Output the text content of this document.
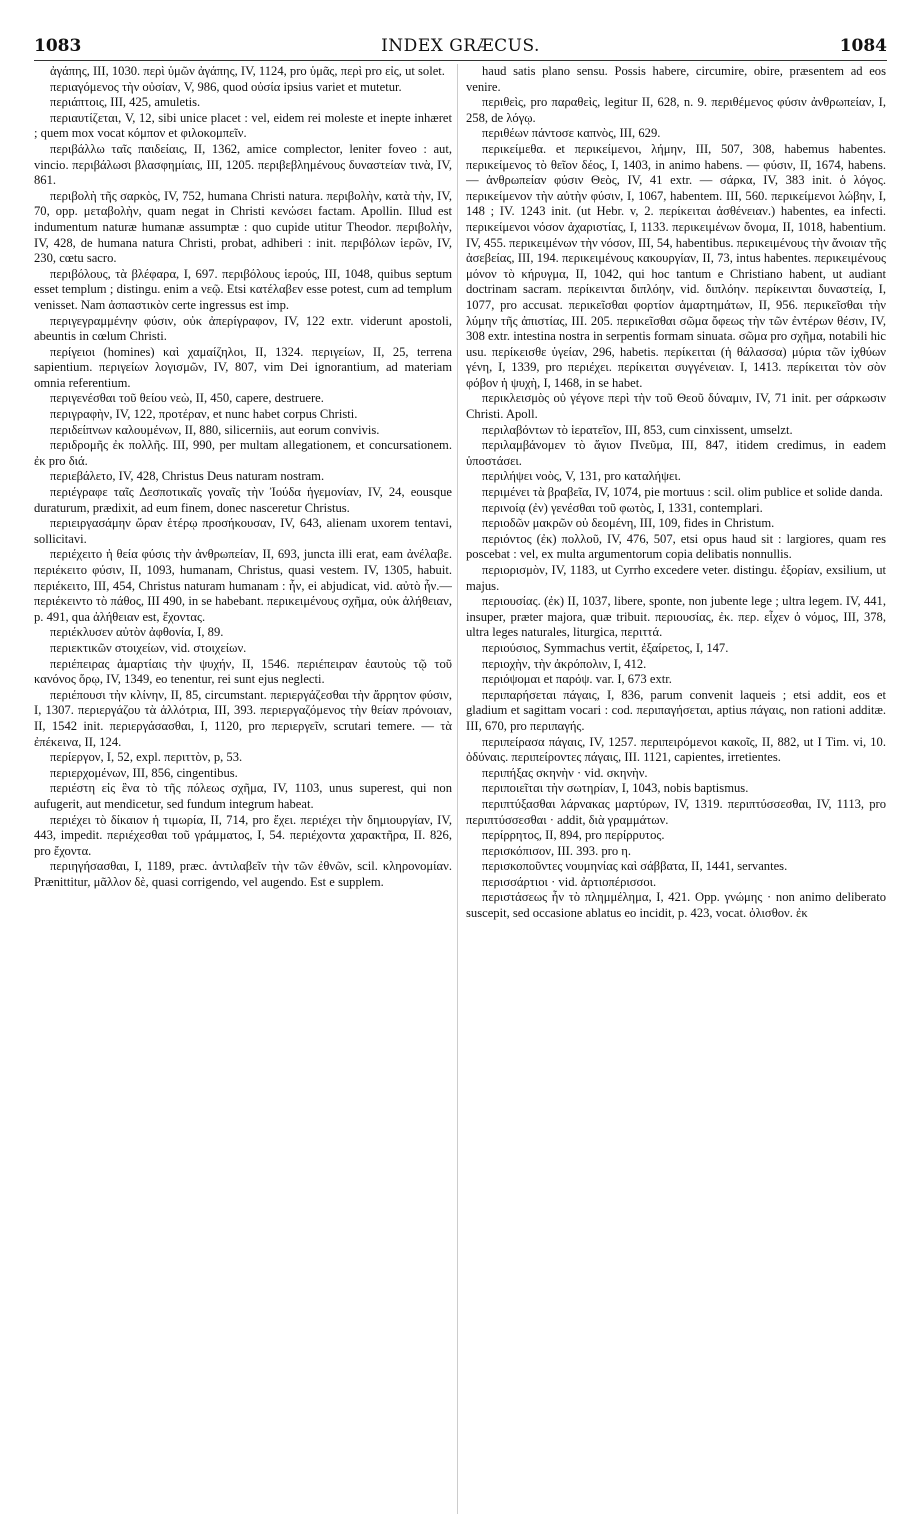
1083	INDEX GRÆCUS.	1084

ἀγάπης, III, 1030. περὶ ὑμῶν ἀγάπης, IV, 1124, pro ὑμᾶς, περὶ pro εἰς, ut solet.

περιαγόμενος τὴν οὐσίαν, V, 986, quod οὐσία ipsius variet et mutetur.

περιάπτοις, III, 425, amuletis.

περιαυτίζεται, V, 12, sibi unice placet : vel, eidem rei moleste et inepte inhæret ; quem mox vocat κόμπον et φιλοκομπεῖν.

περιβάλλω ταῖς παιδείαις, II, 1362, amice complector, leniter foveo : aut, vincio. περιβάλωσι βλασφημίαις, III, 1205. περιβεβλημένους δυναστείαν τινὰ, IV, 861.

περιβολὴ τῆς σαρκὸς, IV, 752, humana Christi natura. περιβολὴν, κατὰ τὴν, IV, 70, opp. μεταβολὴν, quam negat in Christi κενώσει factam. Apollin. Illud est indumentum naturæ humanæ assumptæ : quo cupide utitur Theodor. περιβολὴν, IV, 428, de humana natura Christi, probat, adhiberi : init. περιβόλων ἱερῶν, IV, 230, cœtu sacro.

περιβόλους, τὰ βλέφαρα, I, 697. περιβόλους ἱερούς, III, 1048, quibus septum esset templum ; distingu. enim a νεῷ. Etsi κατέλαβεν esse potest, cum ad templum venisset. Nam ἀσπαστικὸν certe ingressus est imp.

περιγεγραμμένην φύσιν, οὐκ ἀπερίγραφον, IV, 122 extr. viderunt apostoli, abeuntis in cœlum Christi.

περίγειοι (homines) καὶ χαμαίζηλοι, II, 1324. περιγείων, II, 25, terrena sapientium. περιγείων λογισμῶν, IV, 807, vim Dei ignorantium, ad materiam omnia referentium.

περιγενέσθαι τοῦ θείου νεὼ, II, 450, capere, destruere.

περιγραφὴν, IV, 122, προτέραν, et nunc habet corpus Christi.

περιδείπνων καλουμένων, II, 880, silicerniis, aut eorum convivis.

περιδρομῆς ἐκ πολλῆς. III, 990, per multam allegationem, et concursationem. ἐκ pro διά.

περιεβάλετο, IV, 428, Christus Deus naturam nostram.

περιέγραφε ταῖς Δεσποτικαῖς γοναῖς τὴν Ἰούδα ἡγεμονίαν, IV, 24, eousque duraturum, prædixit, ad eum finem, donec nasceretur Christus.

περιειργασάμην ὥραν ἑτέρῳ προσήκουσαν, IV, 643, alienam uxorem tentavi, sollicitavi.

περιέχειτο ἡ θεία φύσις τὴν ἀνθρωπείαν, II, 693, juncta illi erat, eam ἀνέλαβε. περιέκειτο φύσιν, II, 1093, humanam, Christus, quasi vestem. IV, 1305, habuit. περιέκειτο, III, 454, Christus naturam humanam : ἦν, ei abjudicat, vid. αὐτὸ ἦν.—περιέκειντο τὸ πάθος, III 490, in se habebant. περικειμένους σχῆμα, οὐκ ἀλήθειαν, p. 491, qua ἀλήθειαν est, ἔχοντας.

περιέκλυσεν αὐτὸν ἀφθονία, I, 89.

περιεκτικῶν στοιχείων, vid. στοιχείων.

περιέπειρας ἁμαρτίαις τὴν ψυχήν, II, 1546. περιέπειραν ἑαυτοὺς τῷ τοῦ κανόνος ὅρῳ, IV, 1349, eo tenentur, rei sunt ejus neglecti.

περιέπουσι τὴν κλίνην, II, 85, circumstant. περιεργάζεσθαι τὴν ἄρρητον φύσιν, I, 1307. περιεργάζου τὰ ἀλλότρια, III, 393. περιεργαζόμενος τὴν θείαν πρόνοιαν, II, 1542 init. περιεργάσασθαι, I, 1120, pro περιεργεῖν, scrutari temere. — τὰ ἐπέκεινα, II, 124.

περίεργον, I, 52, expl. περιττὸν, p, 53.

περιερχομένων, III, 856, cingentibus.

περιέστη εἰς ἓνα τὸ τῆς πόλεως σχῆμα, IV, 1103, unus superest, qui non aufugerit, aut mendicetur, sed fundum integrum habeat.

περιέχει τὸ δίκαιον ἡ τιμωρία, II, 714, pro ἔχει. περιέχει τὴν δημιουργίαν, IV, 443, impedit. περιέχεσθαι τοῦ γράμματος, I, 54. περιέχοντα χαρακτῆρα, II. 826, pro ἔχοντα.

περιηγήσασθαι, I, 1189, præc. ἀντιλαβεῖν τὴν τῶν ἐθνῶν, scil. κληρονομίαν. Prænittitur, μᾶλλον δὲ, quasi corrigendo, vel augendo. Est e supplem.

haud satis plano sensu. Possis habere, circumire, obire, præsentem ad eos venire.

περιθεὶς, pro παραθεὶς, legitur II, 628, n. 9. περιθέμενος φύσιν ἀνθρωπείαν, I, 258, de λόγῳ.

περιθέων πάντοσε καπνὸς, III, 629.

περικείμεθα. et περικείμενοι, λήμην, III, 507, 308, habemus habentes. περικείμενος τὸ θεῖον δέος, I, 1403, in animo habens. — φύσιν, II, 1674, habens. — ἀνθρωπείαν φύσιν Θεὸς, IV, 41 extr. — σάρκα, IV, 383 init. ὁ λόγος. περικείμενον τὴν αὐτὴν φύσιν, I, 1067, habentem. III, 560. περικείμενοι λώβην, I, 148 ; IV. 1243 init. (ut Hebr. v, 2. περίκειται ἀσθένειαν.) habentes, ea infecti. περικείμενοι νόσον ἀχαριστίας, I, 1133. περικειμένων ὄνομα, II, 1018, habentium. IV, 455. περικειμένων τὴν νόσον, III, 54, habentibus. περικειμένους τὴν ἄνοιαν τῆς ἀσεβείας, III, 194. περικειμένους κακουργίαν, II, 73, intus habentes. περικειμένους μόνον τὸ κήρυγμα, II, 1042, qui hoc tantum e Christiano habent, ut audiant doctrinam sacram. περίκεινται διπλόην, vid. διπλόην. περίκεινται δυναστείᾳ, I, 1077, pro accusat. περικεῖσθαι φορτίον ἁμαρτημάτων, II, 956. περικεῖσθαι τὴν λύμην τῆς ἀπιστίας, III. 205. περικεῖσθαι σῶμα ὄφεως τὴν τῶν ἐντέρων θέσιν, IV, 308 extr. intestina nostra in serpentis formam sinuata. σῶμα pro σχῆμα, notabili hic usu. περίκεισθε ὑγείαν, 296, habetis. περίκειται (ἡ θάλασσα) μύρια τῶν ἰχθύων γένη, I, 1339, pro περιέχει. περίκειται συγγένειαν. I, 1413. περίκειται τὸν σὸν φόβον ἡ ψυχὴ, I, 1468, in se habet.

περικλεισμὸς οὐ γέγονε περὶ τὴν τοῦ Θεοῦ δύναμιν, IV, 71 init. per σάρκωσιν Christi. Apoll.

περιλαβόντων τὸ ἱερατεῖον, III, 853, cum cinxissent, umselzt.

περιλαμβάνομεν τὸ ἅγιον Πνεῦμα, III, 847, itidem credimus, in eadem ὑποστάσει.

περιλήψει νοὸς, V, 131, pro καταλήψει.

περιμένει τὰ βραβεῖα, IV, 1074, pie mortuus : scil. olim publice et solide danda.

περινοίᾳ (ἐν) γενέσθαι τοῦ φωτὸς, I, 1331, contemplari.

περιοδῶν μακρῶν οὐ δεομένη, III, 109, fides in Christum.

περιόντος (ἐκ) πολλοῦ, IV, 476, 507, etsi opus haud sit : largiores, quam res poscebat : vel, ex multa argumentorum copia delibatis nonnullis.

περιορισμὸν, IV, 1183, ut Cyrrho excedere veter. distingu. ἐξορίαν, exsilium, ut majus.

περιουσίας. (ἐκ) II, 1037, libere, sponte, non jubente lege ; ultra legem. IV, 441, insuper, præter majora, quæ tribuit. περιουσίας, ἐκ. περ. εἶχεν ὁ νόμος, III, 378, ultra leges naturales, liturgica, περιττά.

περιούσιος, Symmachus vertit, ἐξαίρετος, I, 147.

περιοχὴν, τὴν ἀκρόπολιν, I, 412.

περιόψομαι et παρόψ. var. I, 673 extr.

περιπαρήσεται πάγαις, I, 836, parum convenit laqueis ; etsi addit, eos et gladium et sagittam vocari : cod. περιπαγήσεται, aptius πάγαις, non rationi additæ. III, 670, pro περιπαγής.

περιπείρασα πάγαις, IV, 1257. περιπειρόμενοι κακοῖς, II, 882, ut I Tim. vi, 10. ὀδύναις. περιπείροντες πάγαις, III. 1121, capientes, irretientes.

περιπήξας σκηνὴν · vid. σκηνὴν.

περιποιεῖται τὴν σωτηρίαν, I, 1043, nobis baptismus.

περιπτύξασθαι λάρνακας μαρτύρων, IV, 1319. περιπτύσσεσθαι, IV, 1113, pro περιπτύσσεσθαι · addit, διὰ γραμμάτων.

περίρρητος, II, 894, pro περίρρυτος.

περισκόπισον, III. 393. pro η.

περισκοποῦντες νουμηνίας καὶ σάββατα, II, 1441, servantes.

περισσάρτιοι · vid. ἀρτιοπέρισσοι.

περιστάσεως ἦν τὸ πλημμέλημα, I, 421. Opp. γνώμης · non animo deliberato suscepit, sed occasione ablatus eo incidit, p. 423, vocat. ὀλισθον. ἐκ
